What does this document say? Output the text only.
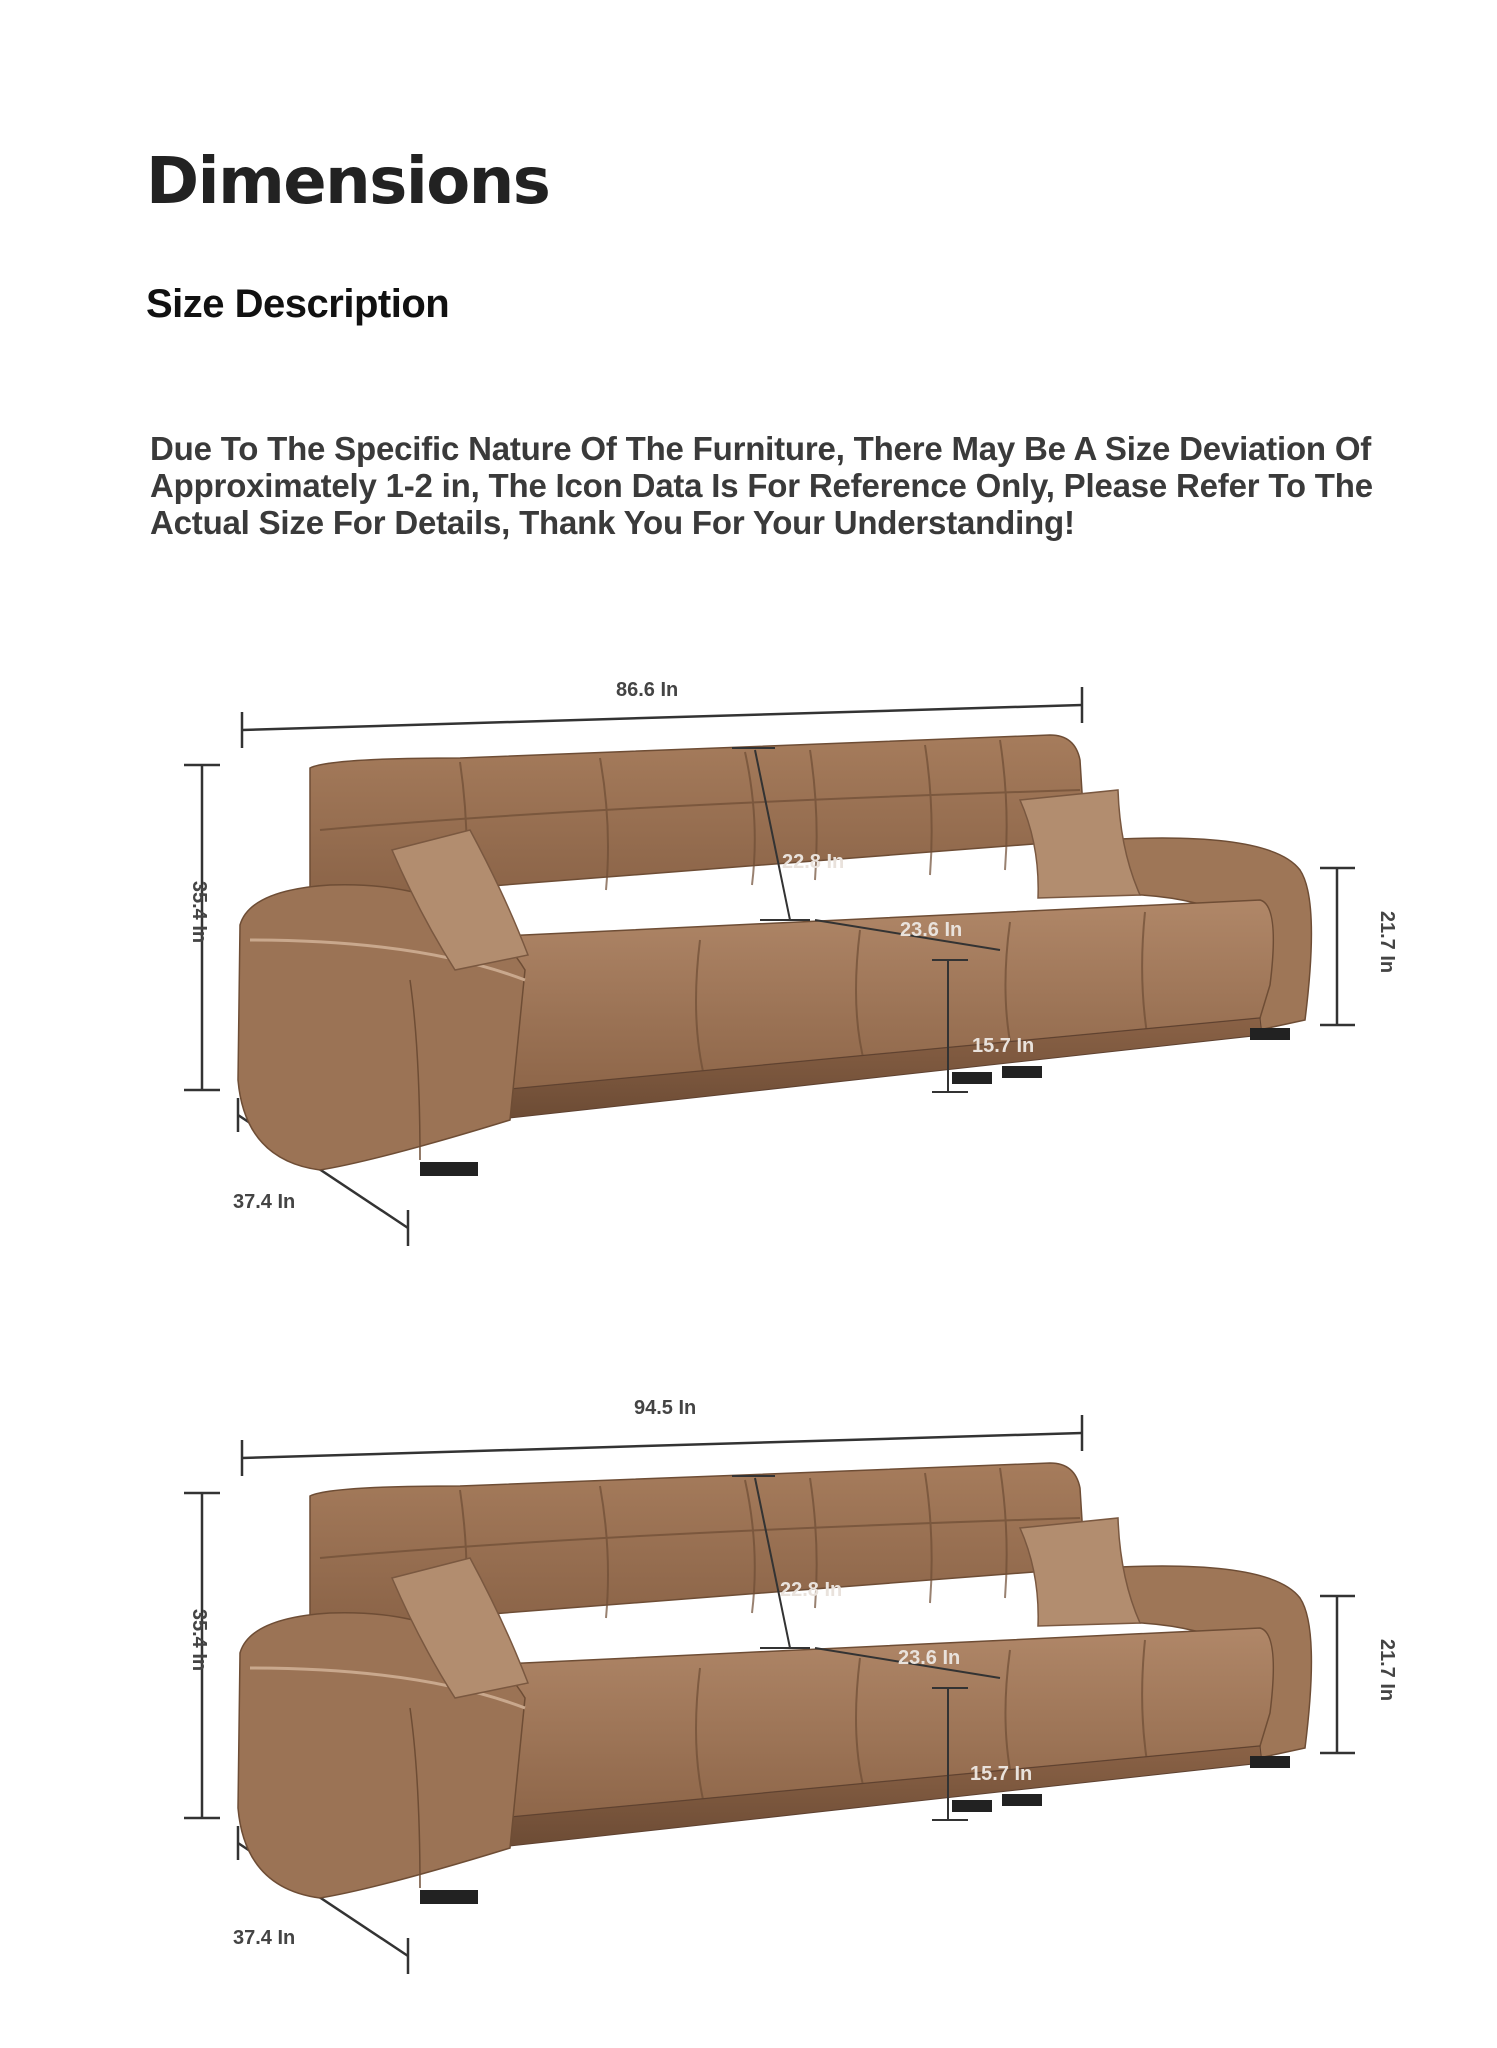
Dimensions
Size Description

Due To The Specific Nature Of The Furniture, There May Be A Size Deviation Of Approximately 1-2 in, The Icon Data Is For Reference Only, Please Refer To The Actual Size For Details, Thank You For Your Understanding!

86.6 In
35.4 In
37.4 In
22.8 In
23.6 In
15.7 In
21.7 In
94.5 In
35.4 In
37.4 In
22.8 In
23.6 In
15.7 In
21.7 In
